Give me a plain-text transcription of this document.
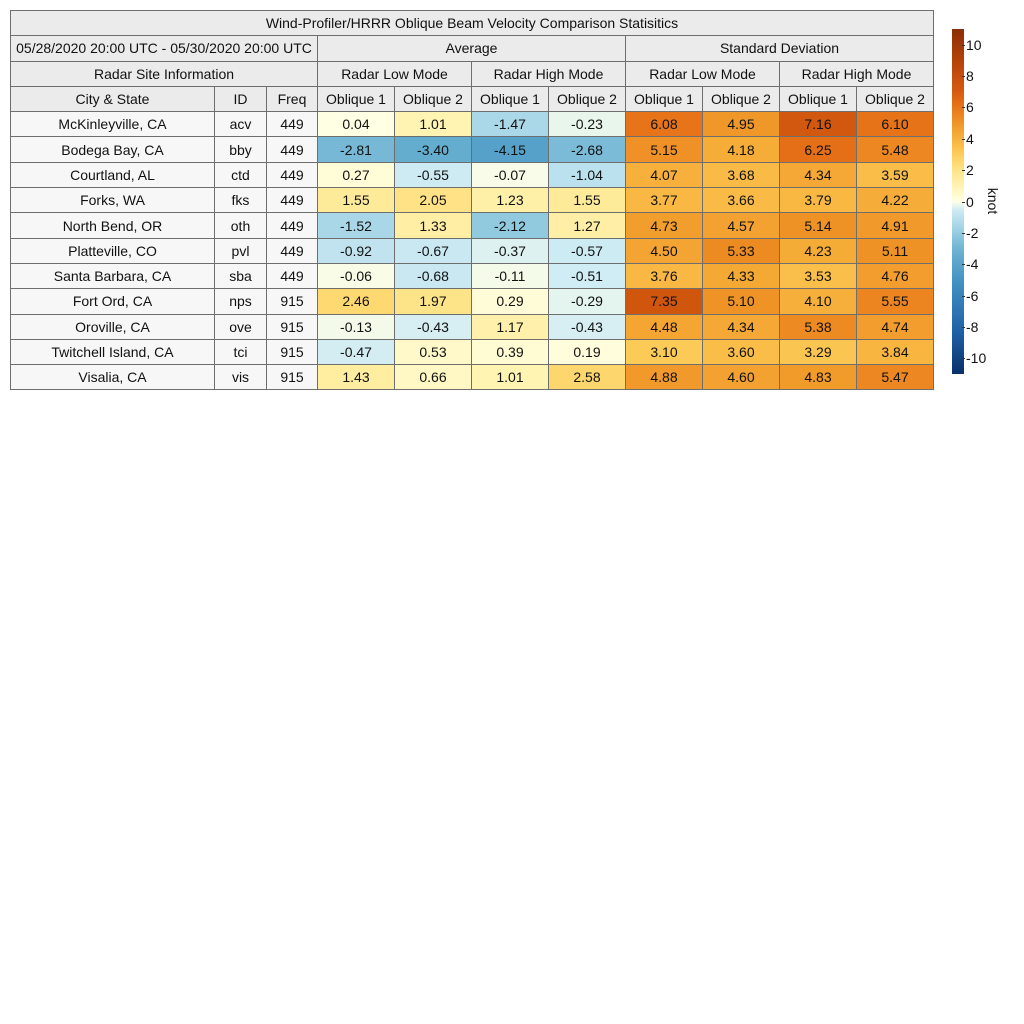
Wind-Profiler/HRRR Oblique Beam Velocity Comparison Statisitics										
05/28/2020 20:00 UTC - 05/30/2020 20:00 UTC			Average				Standard Deviation			
Radar Site Information			Radar Low Mode		Radar High Mode		Radar Low Mode		Radar High Mode	
City & State	ID	Freq	Oblique 1	Oblique 2	Oblique 1	Oblique 2	Oblique 1	Oblique 2	Oblique 1	Oblique 2
McKinleyville, CA	acv	449	0.04	1.01	-1.47	-0.23	6.08	4.95	7.16	6.10
Bodega Bay, CA	bby	449	-2.81	-3.40	-4.15	-2.68	5.15	4.18	6.25	5.48
Courtland, AL	ctd	449	0.27	-0.55	-0.07	-1.04	4.07	3.68	4.34	3.59
Forks, WA	fks	449	1.55	2.05	1.23	1.55	3.77	3.66	3.79	4.22
North Bend, OR	oth	449	-1.52	1.33	-2.12	1.27	4.73	4.57	5.14	4.91
Platteville, CO	pvl	449	-0.92	-0.67	-0.37	-0.57	4.50	5.33	4.23	5.11
Santa Barbara, CA	sba	449	-0.06	-0.68	-0.11	-0.51	3.76	4.33	3.53	4.76
Fort Ord, CA	nps	915	2.46	1.97	0.29	-0.29	7.35	5.10	4.10	5.55
Oroville, CA	ove	915	-0.13	-0.43	1.17	-0.43	4.48	4.34	5.38	4.74
Twitchell Island, CA	tci	915	-0.47	0.53	0.39	0.19	3.10	3.60	3.29	3.84
Visalia, CA	vis	915	1.43	0.66	1.01	2.58	4.88	4.60	4.83	5.47
10
8
6
4
2
0
-2
-4
-6
-8
-10
knot
